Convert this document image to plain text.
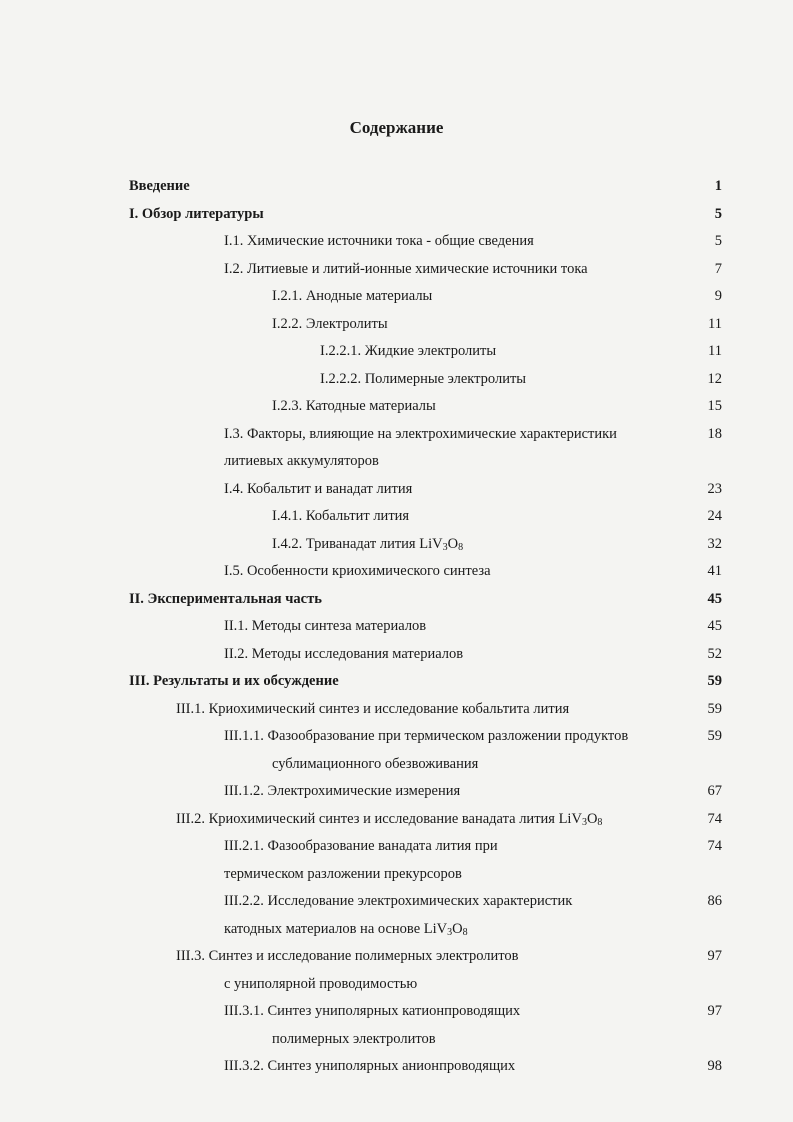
Содержание
Введение	1
I. Обзор литературы	5
I.1. Химические источники тока - общие сведения	5
I.2. Литиевые и литий-ионные химические источники тока	7
I.2.1. Анодные материалы	9
I.2.2. Электролиты	11
I.2.2.1. Жидкие электролиты	11
I.2.2.2. Полимерные электролиты	12
I.2.3. Катодные материалы	15
I.3. Факторы, влияющие на электрохимические характеристики	18
литиевых аккумуляторов
I.4. Кобальтит и ванадат лития	23
I.4.1. Кобальтит лития	24
I.4.2. Триванадат лития $LiV_3O_8$	32
I.5. Особенности криохимического синтеза	41
II. Экспериментальная часть	45
II.1. Методы синтеза материалов	45
II.2. Методы исследования материалов	52
III. Результаты и их обсуждение	59
III.1. Криохимический синтез и исследование кобальтита лития	59
III.1.1. Фазообразование при термическом разложении продуктов	59
сублимационного обезвоживания
III.1.2. Электрохимические измерения	67
III.2. Криохимический синтез и исследование ванадата лития $LiV_3O_8$	74
III.2.1. Фазообразование ванадата лития при	74
термическом разложении прекурсоров
III.2.2. Исследование электрохимических характеристик	86
катодных материалов на основе $LiV_3O_8$
III.3. Синтез и исследование полимерных электролитов	97
с униполярной проводимостью
III.3.1. Синтез униполярных катионпроводящих	97
полимерных электролитов
III.3.2. Синтез униполярных анионпроводящих	98
